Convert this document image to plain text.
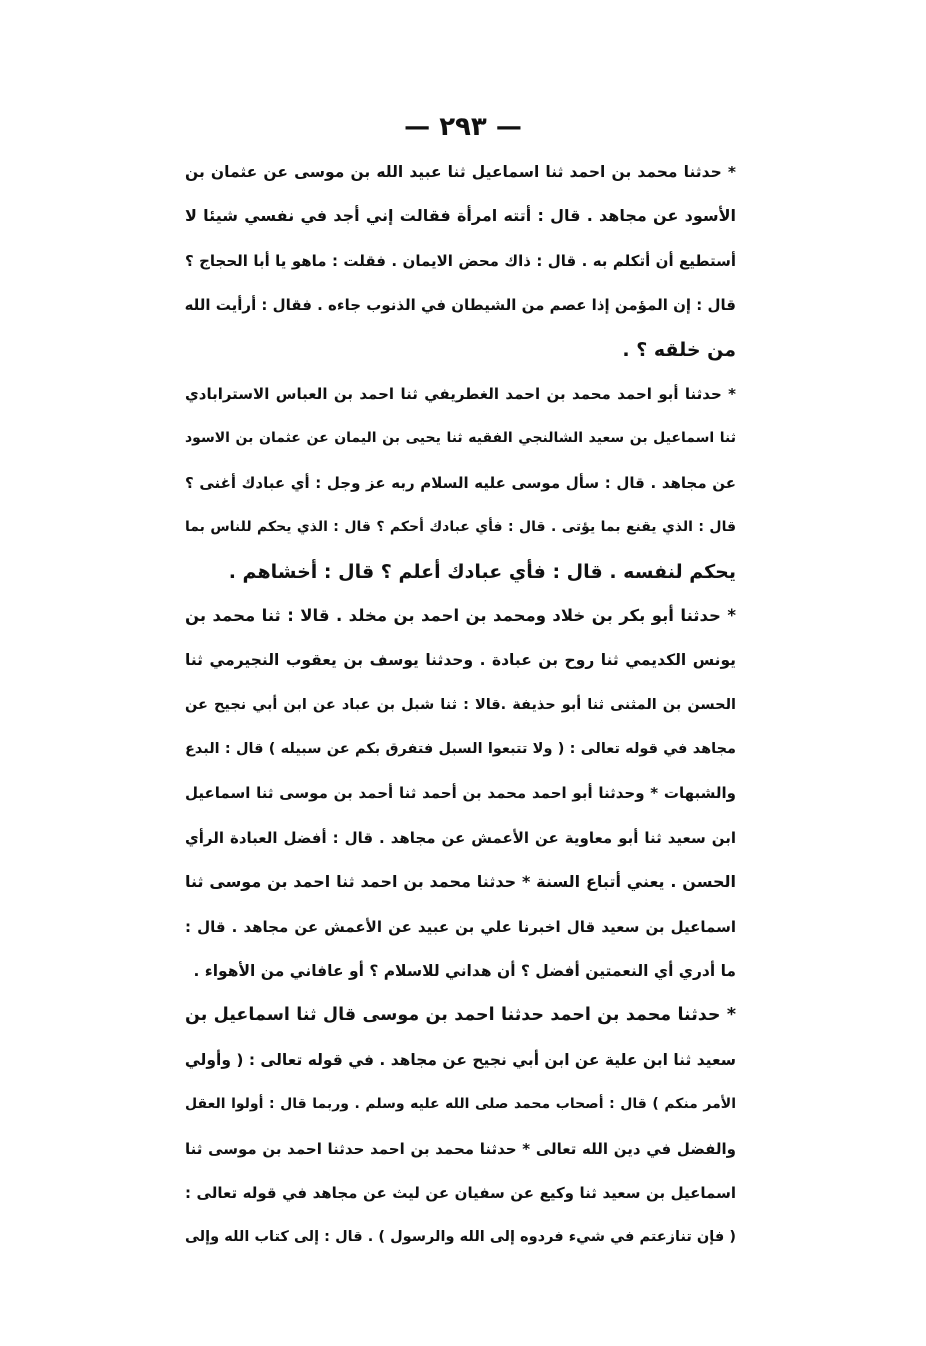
— ٢٩٣ —
* حدثنا محمد بن احمد ثنا اسماعيل ثنا عبيد الله بن موسى عن عثمان بن
الأسود عن مجاهد . قال : أتته امرأة فقالت إني أجد في نفسي شيئا لا
أستطيع أن أتكلم به . قال : ذاك محض الايمان . فقلت : ماهو يا أبا الحجاج ؟
قال : إن المؤمن إذا عصم من الشيطان في الذنوب جاءه . فقال : أرأيت الله
من خلقه ؟ .
* حدثنا أبو احمد محمد بن احمد الغطريفي ثنا احمد بن العباس الاسترابادي
ثنا اسماعيل بن سعيد الشالنجي الفقيه ثنا يحيى بن اليمان عن عثمان بن الاسود
عن مجاهد . قال : سأل موسى عليه السلام ربه عز وجل : أي عبادك أغنى ؟
قال : الذي يقنع بما يؤتى . قال : فأي عبادك أحكم ؟ قال : الذي يحكم للناس بما
يحكم لنفسه . قال : فأي عبادك أعلم ؟ قال : أخشاهم .
* حدثنا أبو بكر بن خلاد ومحمد بن احمد بن مخلد . قالا : ثنا محمد بن
يونس الكديمي ثنا روح بن عبادة . وحدثنا يوسف بن يعقوب النجيرمي ثنا
الحسن بن المثنى ثنا أبو حذيفة .قالا : ثنا شبل بن عباد عن ابن أبي نجيح عن
مجاهد في قوله تعالى : ( ولا تتبعوا السبل فتفرق بكم عن سبيله ) قال : البدع
والشبهات * وحدثنا أبو احمد محمد بن أحمد ثنا أحمد بن موسى ثنا اسماعيل
ابن سعيد ثنا أبو معاوية عن الأعمش عن مجاهد . قال : أفضل العبادة الرأي
الحسن . يعني أتباع السنة * حدثنا محمد بن احمد ثنا احمد بن موسى ثنا
اسماعيل بن سعيد قال اخبرنا علي بن عبيد عن الأعمش عن مجاهد . قال :
ما أدري أي النعمتين أفضل ؟ أن هداني للاسلام ؟ أو عافاني من الأهواء .
* حدثنا محمد بن احمد حدثنا احمد بن موسى قال ثنا اسماعيل بن
سعيد ثنا ابن علية عن ابن أبي نجيح عن مجاهد . في قوله تعالى : ( وأولي
الأمر منكم ) قال : أصحاب محمد صلى الله عليه وسلم . وربما قال : أولوا العقل
والفضل في دين الله تعالى * حدثنا محمد بن احمد حدثنا احمد بن موسى ثنا
اسماعيل بن سعيد ثنا وكيع عن سفيان عن ليث عن مجاهد في قوله تعالى :
( فإن تنازعتم في شيء فردوه إلى الله والرسول ) . قال : إلى كتاب الله وإلى
